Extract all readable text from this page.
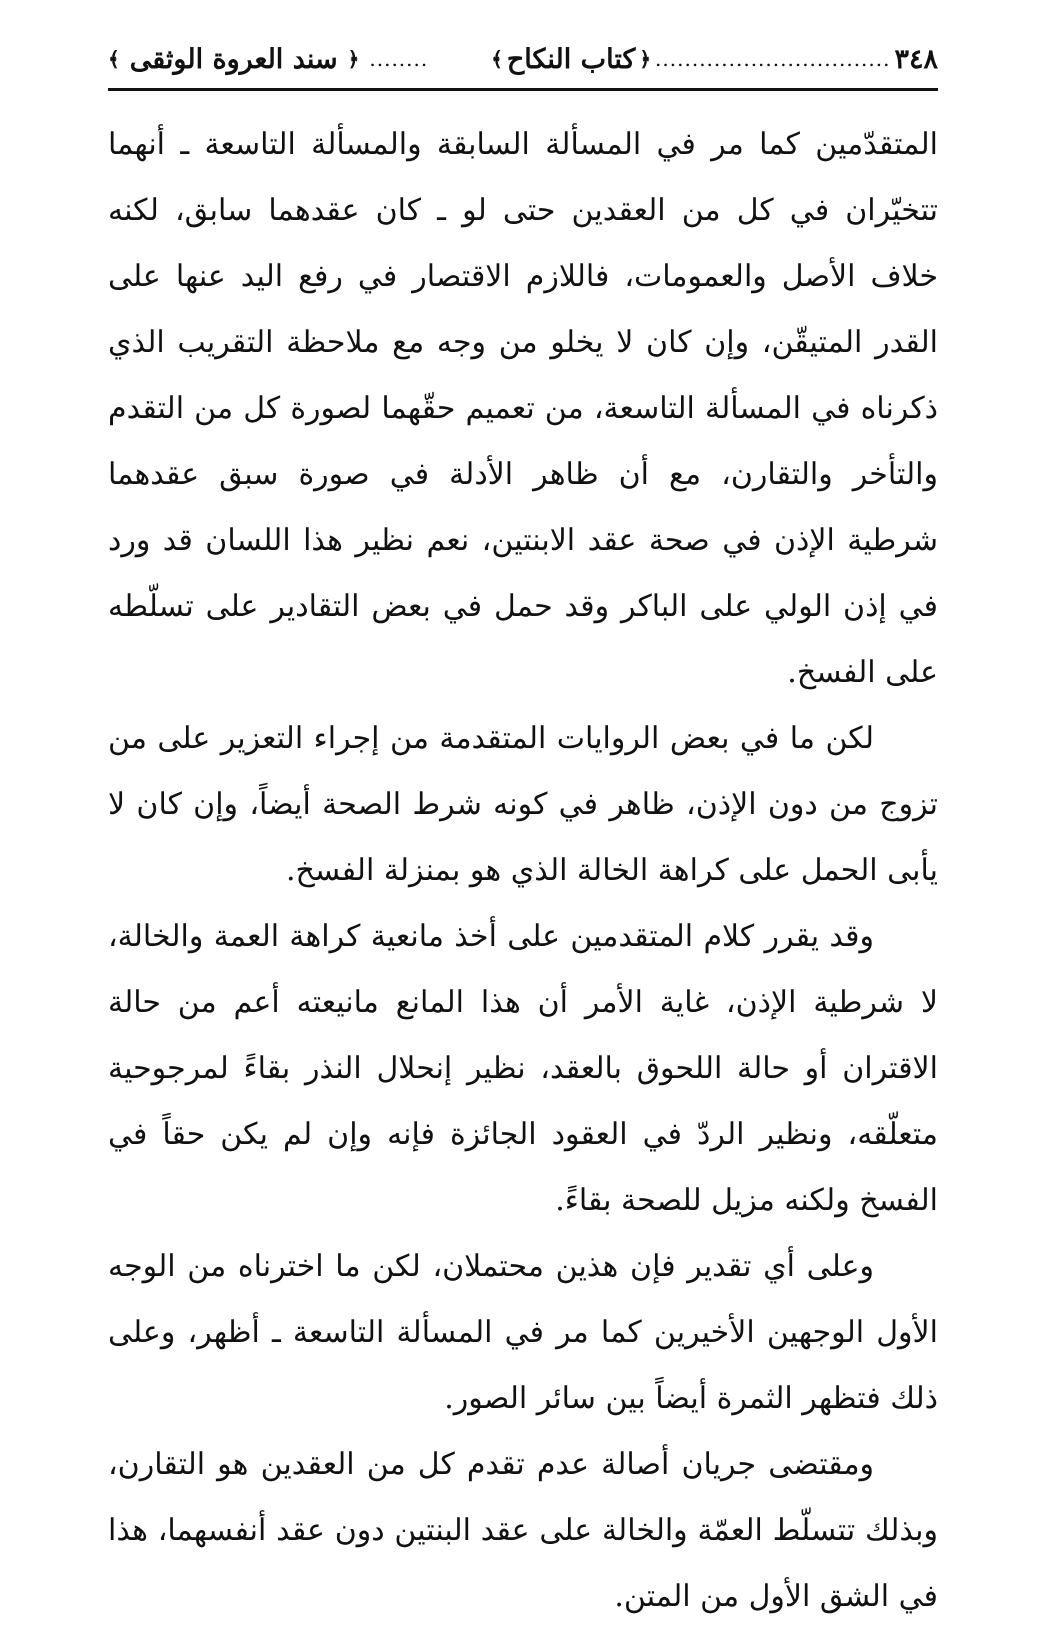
٣٤٨
................................
﴿
كتاب النكاح
﴾
........
﴿
سند العروة الوثقى
﴾

المتقدّمين كما مر في المسألة السابقة والمسألة التاسعة ـ أنهما تتخيّران في كل من العقدين حتى لو ـ كان عقدهما سابق، لكنه خلاف الأصل والعمومات، فاللازم الاقتصار في رفع اليد عنها على القدر المتيقّن، وإن كان لا يخلو من وجه مع ملاحظة التقريب الذي ذكرناه في المسألة التاسعة، من تعميم حقّهما لصورة كل من التقدم والتأخر والتقارن، مع أن ظاهر الأدلة في صورة سبق عقدهما شرطية الإذن في صحة عقد الابنتين، نعم نظير هذا اللسان قد ورد في إذن الولي على الباكر وقد حمل في بعض التقادير على تسلّطه على الفسخ.

لكن ما في بعض الروايات المتقدمة من إجراء التعزير على من تزوج من دون الإذن، ظاهر في كونه شرط الصحة أيضاً، وإن كان لا يأبى الحمل على كراهة الخالة الذي هو بمنزلة الفسخ.

وقد يقرر كلام المتقدمين على أخذ مانعية كراهة العمة والخالة، لا شرطية الإذن، غاية الأمر أن هذا المانع مانيعته أعم من حالة الاقتران أو حالة اللحوق بالعقد، نظير إنحلال النذر بقاءً لمرجوحية متعلّقه، ونظير الردّ في العقود الجائزة فإنه وإن لم يكن حقاً في الفسخ ولكنه مزيل للصحة بقاءً.

وعلى أي تقدير فإن هذين محتملان، لكن ما اخترناه من الوجه الأول الوجهين الأخيرين كما مر في المسألة التاسعة ـ أظهر، وعلى ذلك فتظهر الثمرة أيضاً بين سائر الصور.

ومقتضى جريان أصالة عدم تقدم كل من العقدين هو التقارن، وبذلك تتسلّط العمّة والخالة على عقد البنتين دون عقد أنفسهما، هذا في الشق الأول من المتن.
